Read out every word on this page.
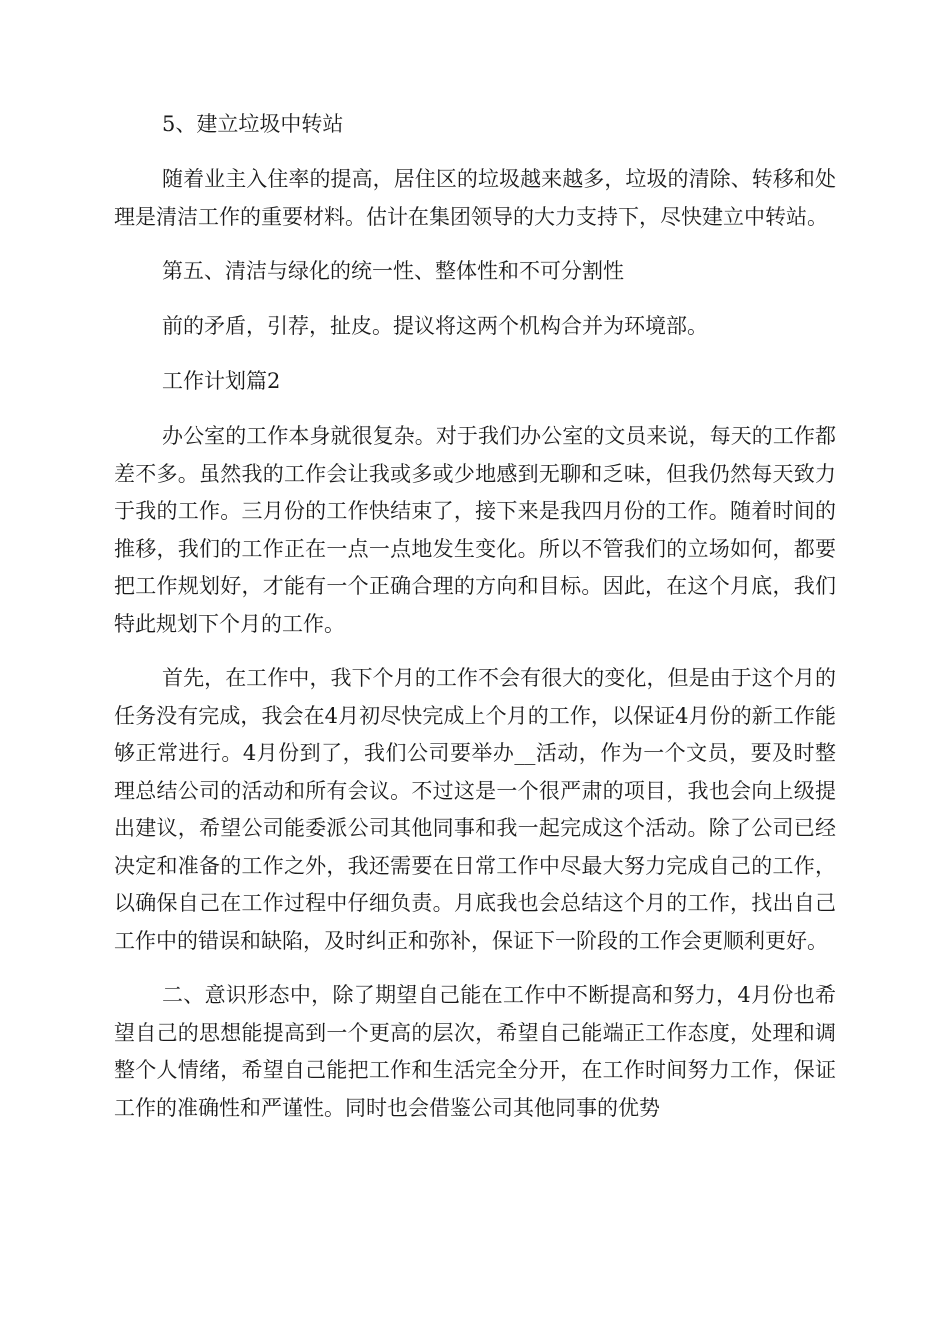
5、建立垃圾中转站

随着业主入住率的提高，居住区的垃圾越来越多，垃圾的清除、转移和处理是清洁工作的重要材料。估计在集团领导的大力支持下，尽快建立中转站。

第五、清洁与绿化的统一性、整体性和不可分割性

前的矛盾，引荐，扯皮。提议将这两个机构合并为环境部。

工作计划篇2

办公室的工作本身就很复杂。对于我们办公室的文员来说，每天的工作都差不多。虽然我的工作会让我或多或少地感到无聊和乏味，但我仍然每天致力于我的工作。三月份的工作快结束了，接下来是我四月份的工作。随着时间的推移，我们的工作正在一点一点地发生变化。所以不管我们的立场如何，都要把工作规划好，才能有一个正确合理的方向和目标。因此，在这个月底，我们特此规划下个月的工作。

首先，在工作中，我下个月的工作不会有很大的变化，但是由于这个月的任务没有完成，我会在4月初尽快完成上个月的工作，以保证4月份的新工作能够正常进行。4月份到了，我们公司要举办__活动，作为一个文员，要及时整理总结公司的活动和所有会议。不过这是一个很严肃的项目，我也会向上级提出建议，希望公司能委派公司其他同事和我一起完成这个活动。除了公司已经决定和准备的工作之外，我还需要在日常工作中尽最大努力完成自己的工作，以确保自己在工作过程中仔细负责。月底我也会总结这个月的工作，找出自己工作中的错误和缺陷，及时纠正和弥补，保证下一阶段的工作会更顺利更好。

二、意识形态中，除了期望自己能在工作中不断提高和努力，4月份也希望自己的思想能提高到一个更高的层次，希望自己能端正工作态度，处理和调整个人情绪，希望自己能把工作和生活完全分开，在工作时间努力工作，保证工作的准确性和严谨性。同时也会借鉴公司其他同事的优势
